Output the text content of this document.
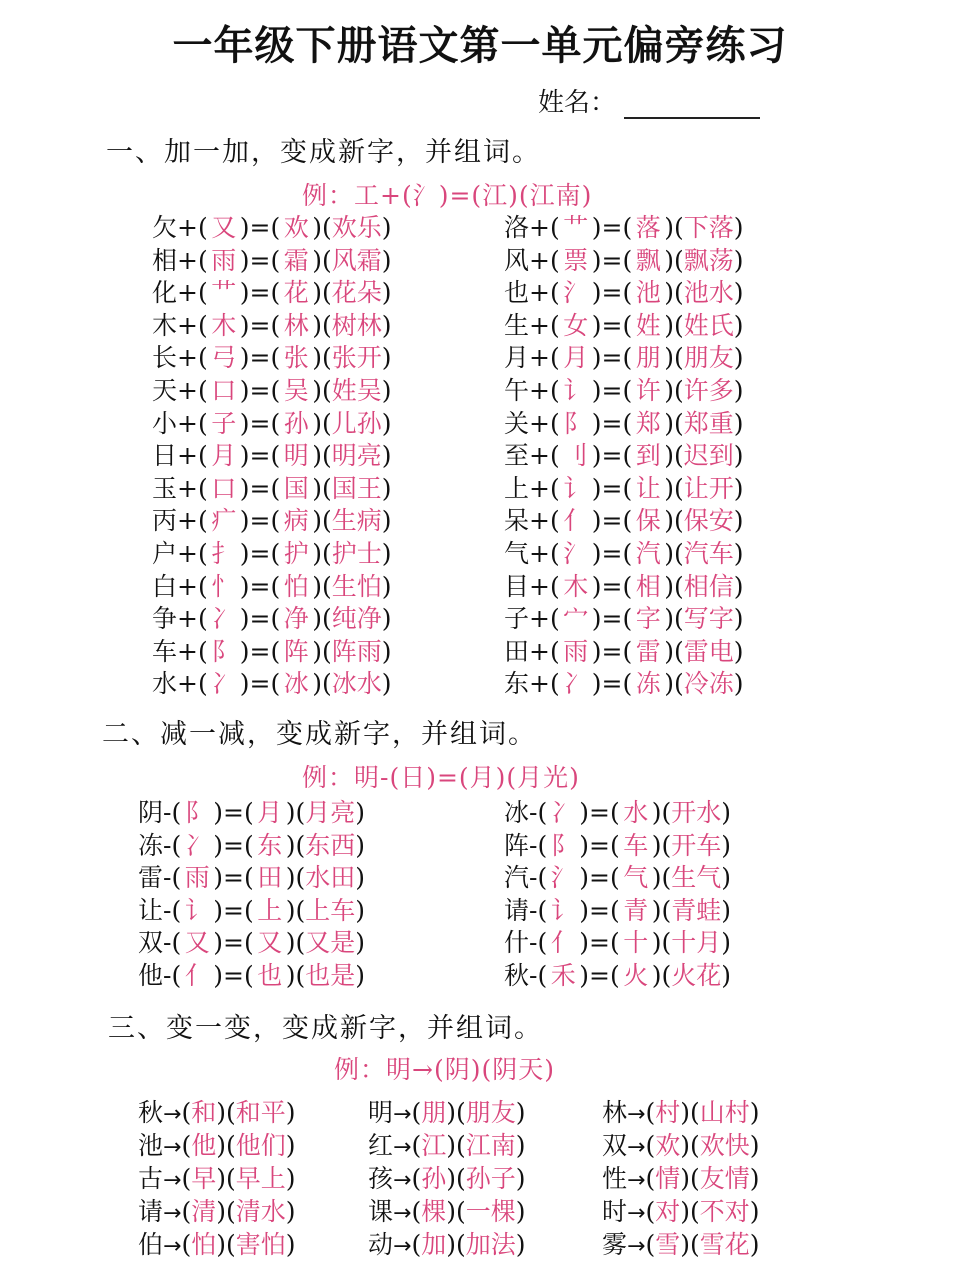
一年级下册语文第一单元偏旁练习
姓名：
一、加一加，变成新字，并组词。
例：工+(氵)=(江)(江南)
欠+( 又 )=( 欢 )(欢乐)
相+( 雨 )=( 霜 )(风霜)
化+( 艹 )=( 花 )(花朵)
木+( 木 )=( 林 )(树林)
长+( 弓 )=( 张 )(张开)
天+( 口 )=( 吴 )(姓吴)
小+( 子 )=( 孙 )(儿孙)
日+( 月 )=( 明 )(明亮)
玉+( 口 )=( 国 )(国王)
丙+( 疒 )=( 病 )(生病)
户+( 扌 )=( 护 )(护士)
白+( 忄 )=( 怕 )(生怕)
争+( 冫 )=( 净 )(纯净)
车+( 阝 )=( 阵 )(阵雨)
水+( 冫 )=( 冰 )(冰水)
洛+( 艹 )=( 落 )(下落)
风+( 票 )=( 飘 )(飘荡)
也+( 氵 )=( 池 )(池水)
生+( 女 )=( 姓 )(姓氏)
月+( 月 )=( 朋 )(朋友)
午+( 讠 )=( 许 )(许多)
关+( 阝 )=( 郑 )(郑重)
至+( 刂 )=( 到 )(迟到)
上+( 讠 )=( 让 )(让开)
呆+( 亻 )=( 保 )(保安)
气+( 氵 )=( 汽 )(汽车)
目+( 木 )=( 相 )(相信)
子+( 宀 )=( 字 )(写字)
田+( 雨 )=( 雷 )(雷电)
东+( 冫 )=( 冻 )(冷冻)
二、减一减，变成新字，并组词。
例：明-(日)=(月)(月光)
阴-( 阝 )=( 月 )(月亮)
冻-( 冫 )=( 东 )(东西)
雷-( 雨 )=( 田 )(水田)
让-( 讠 )=( 上 )(上车)
双-( 又 )=( 又 )(又是)
他-( 亻 )=( 也 )(也是)
冰-( 冫 )=( 水 )(开水)
阵-( 阝 )=( 车 )(开车)
汽-( 氵 )=( 气 )(生气)
请-( 讠 )=( 青 )(青蛙)
什-( 亻 )=( 十 )(十月)
秋-( 禾 )=( 火 )(火花)
三、变一变，变成新字，并组词。
例：明→(阴)(阴天)
秋→(和)(和平)
池→(他)(他们)
古→(早)(早上)
请→(清)(清水)
伯→(怕)(害怕)
明→(朋)(朋友)
红→(江)(江南)
孩→(孙)(孙子)
课→(棵)(一棵)
动→(加)(加法)
林→(村)(山村)
双→(欢)(欢快)
性→(情)(友情)
时→(对)(不对)
雾→(雪)(雪花)
